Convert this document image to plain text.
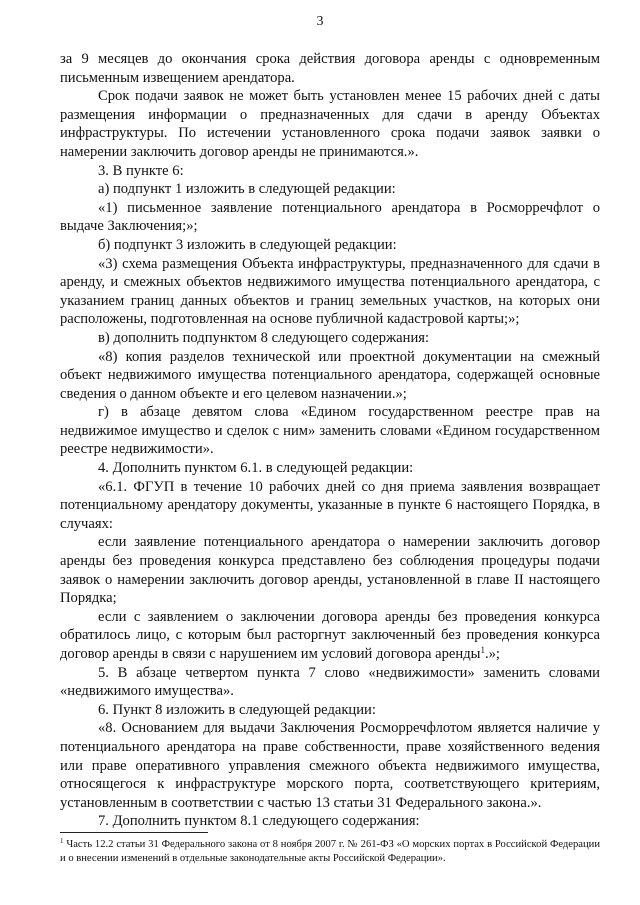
3

за 9 месяцев до окончания срока действия договора аренды с одновременным письменным извещением арендатора.

Срок подачи заявок не может быть установлен менее 15 рабочих дней с даты размещения информации о предназначенных для сдачи в аренду Объектах инфраструктуры. По истечении установленного срока подачи заявок заявки о намерении заключить договор аренды не принимаются.».

3. В пункте 6:

а) подпункт 1 изложить в следующей редакции:

«1) письменное заявление потенциального арендатора в Росморречфлот о выдаче Заключения;»;

б) подпункт 3 изложить в следующей редакции:

«3) схема размещения Объекта инфраструктуры, предназначенного для сдачи в аренду, и смежных объектов недвижимого имущества потенциального арендатора, с указанием границ данных объектов и границ земельных участков, на которых они расположены, подготовленная на основе публичной кадастровой карты;»;

в) дополнить подпунктом 8 следующего содержания:

«8) копия разделов технической или проектной документации на смежный объект недвижимого имущества потенциального арендатора, содержащей основные сведения о данном объекте и его целевом назначении.»;

г) в абзаце девятом слова «Едином государственном реестре прав на недвижимое имущество и сделок с ним» заменить словами «Едином государственном реестре недвижимости».

4. Дополнить пунктом 6.1. в следующей редакции:

«6.1. ФГУП в течение 10 рабочих дней со дня приема заявления возвращает потенциальному арендатору документы, указанные в пункте 6 настоящего Порядка, в случаях:

если заявление потенциального арендатора о намерении заключить договор аренды без проведения конкурса представлено без соблюдения процедуры подачи заявок о намерении заключить договор аренды, установленной в главе II настоящего Порядка;

если с заявлением о заключении договора аренды без проведения конкурса обратилось лицо, с которым был расторгнут заключенный без проведения конкурса договор аренды в связи с нарушением им условий договора аренды$^1$.»;

5. В абзаце четвертом пункта 7 слово «недвижимости» заменить словами «недвижимого имущества».

6. Пункт 8 изложить в следующей редакции:

«8. Основанием для выдачи Заключения Росморречфлотом является наличие у потенциального арендатора на праве собственности, праве хозяйственного ведения или праве оперативного управления смежного объекта недвижимого имущества, относящегося к инфраструктуре морского порта, соответствующего критериям, установленным в соответствии с частью 13 статьи 31 Федерального закона.».

7. Дополнить пунктом 8.1 следующего содержания:

$^1$ Часть 12.2 статьи 31 Федерального закона от 8 ноября 2007 г. № 261-ФЗ «О морских портах в Российской Федерации и о внесении изменений в отдельные законодательные акты Российской Федерации».
